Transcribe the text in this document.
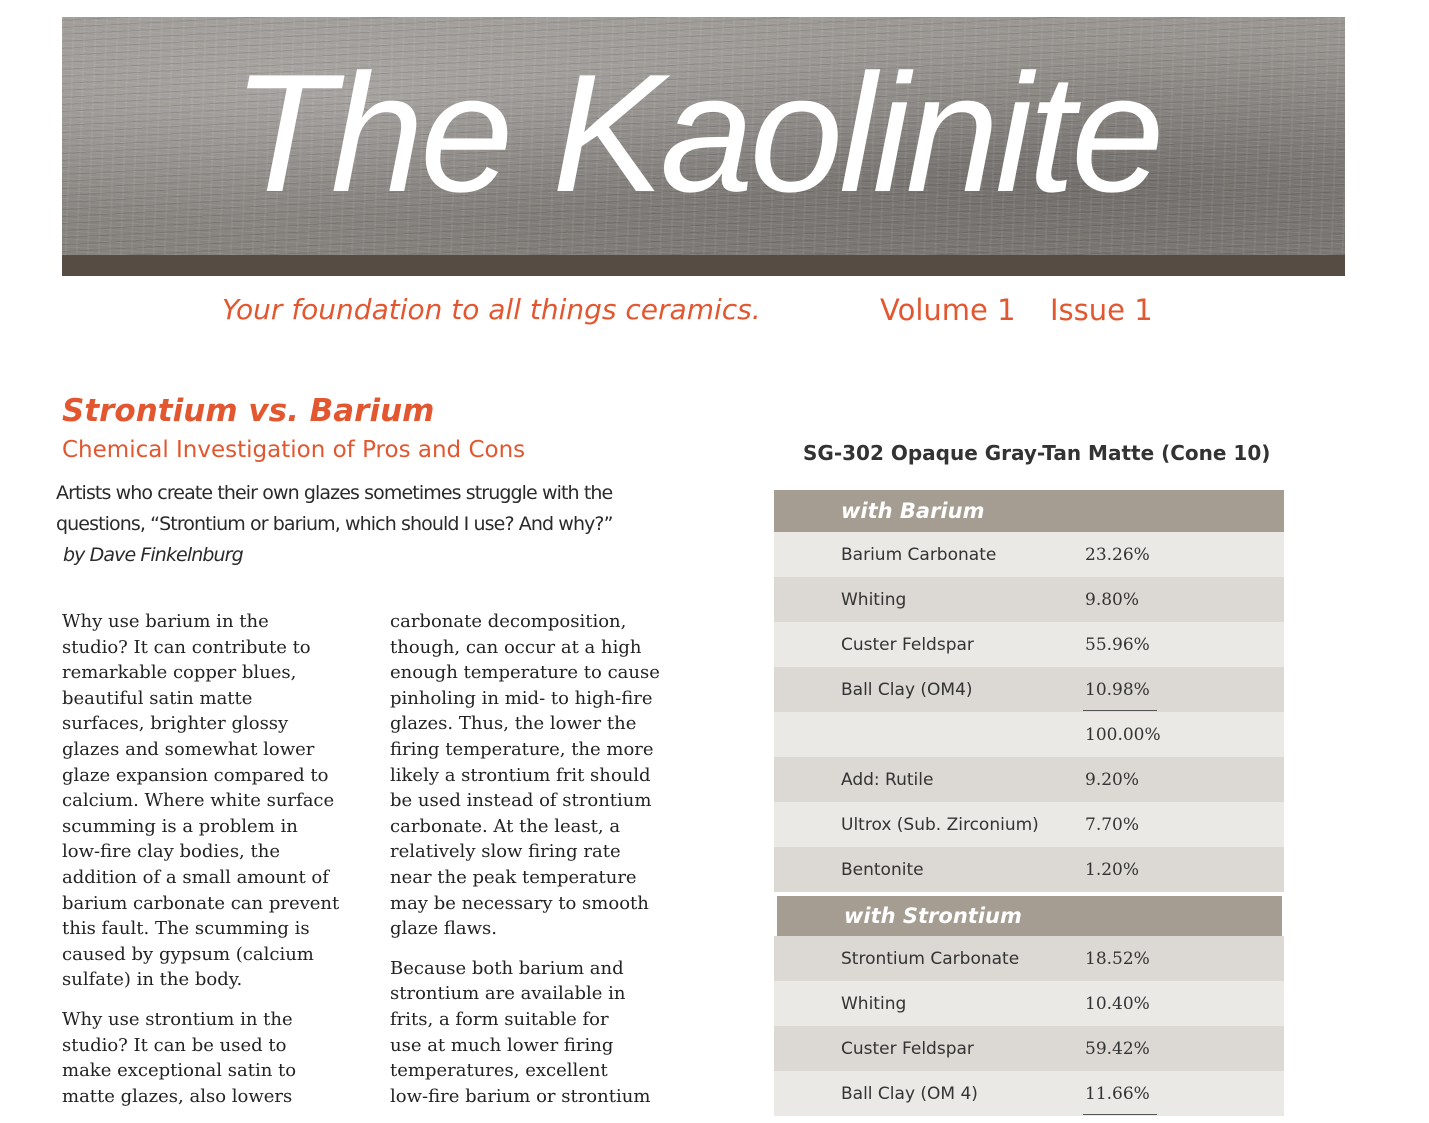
The Kaolinite

Your foundation to all things ceramics.	Volume 1 Issue 1

Strontium vs. Barium
Chemical Investigation of Pros and Cons

Artists who create their own glazes sometimes struggle with the questions, “Strontium or barium, which should I use? And why?”

by Dave Finkelnburg

Why use barium in the
studio? It can contribute to
remarkable copper blues,
beautiful satin matte
surfaces, brighter glossy
glazes and somewhat lower
glaze expansion compared to
calcium. Where white surface
scumming is a problem in
low-fire clay bodies, the
addition of a small amount of
barium carbonate can prevent
this fault. The scumming is
caused by gypsum (calcium
sulfate) in the body.

Why use strontium in the
studio? It can be used to
make exceptional satin to
matte glazes, also lowers

carbonate decomposition,
though, can occur at a high
enough temperature to cause
pinholing in mid- to high-fire
glazes. Thus, the lower the
firing temperature, the more
likely a strontium frit should
be used instead of strontium
carbonate. At the least, a
relatively slow firing rate
near the peak temperature
may be necessary to smooth
glaze flaws.

Because both barium and
strontium are available in
frits, a form suitable for
use at much lower firing
temperatures, excellent
low-fire barium or strontium

SG-302 Opaque Gray-Tan Matte (Cone 10)

with Barium
Barium Carbonate	23.26%
Whiting	9.80%
Custer Feldspar	55.96%
Ball Clay (OM4)	10.98%
100.00%
Add: Rutile	9.20%
Ultrox (Sub. Zirconium)	7.70%
Bentonite	1.20%
with Strontium
Strontium Carbonate	18.52%
Whiting	10.40%
Custer Feldspar	59.42%
Ball Clay (OM 4)	11.66%
